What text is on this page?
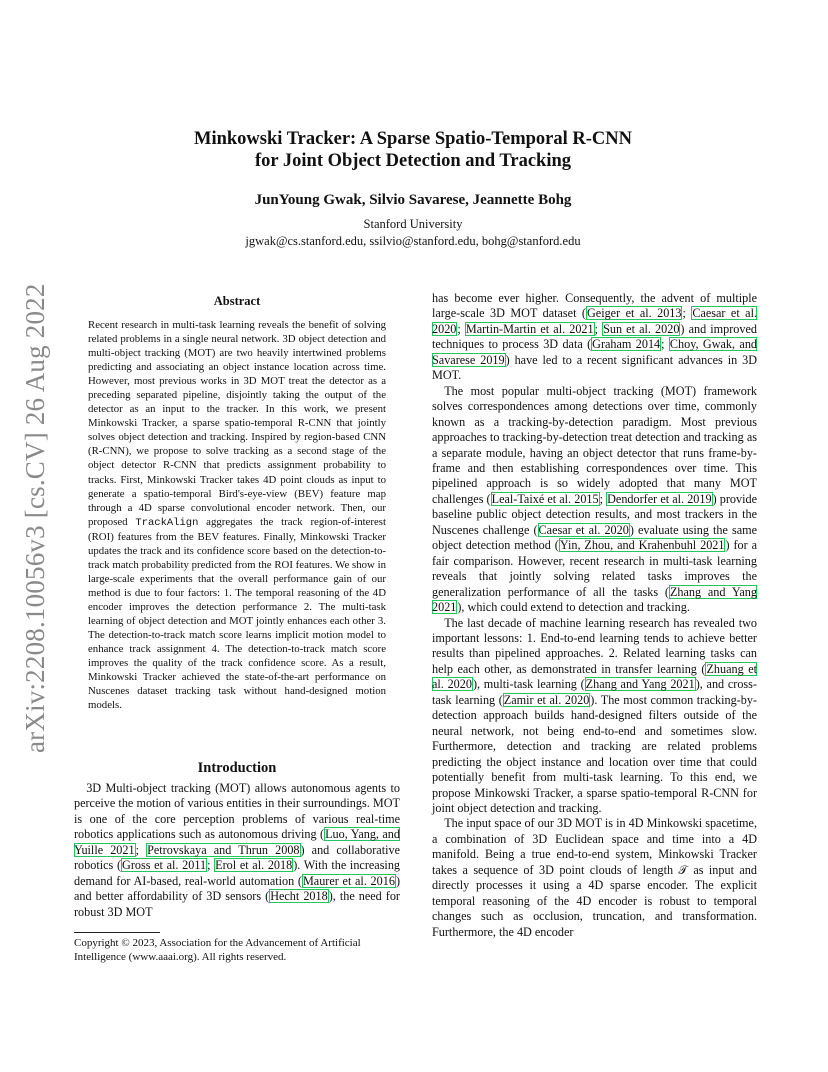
arXiv:2208.10056v3 [cs.CV] 26 Aug 2022
Minkowski Tracker: A Sparse Spatio-Temporal R-CNN
for Joint Object Detection and Tracking
JunYoung Gwak, Silvio Savarese, Jeannette Bohg
Stanford University
jgwak@cs.stanford.edu, ssilvio@stanford.edu, bohg@stanford.edu
Abstract

Recent research in multi-task learning reveals the benefit of solving related problems in a single neural network. 3D object detection and multi-object tracking (MOT) are two heavily intertwined problems predicting and associating an object instance location across time. However, most previous works in 3D MOT treat the detector as a preceding separated pipeline, disjointly taking the output of the detector as an input to the tracker. In this work, we present Minkowski Tracker, a sparse spatio-temporal R-CNN that jointly solves object detection and tracking. Inspired by region-based CNN (R-CNN), we propose to solve tracking as a second stage of the object detector R-CNN that predicts assignment probability to tracks. First, Minkowski Tracker takes 4D point clouds as input to generate a spatio-temporal Bird's-eye-view (BEV) feature map through a 4D sparse convolutional encoder network. Then, our proposed TrackAlign aggregates the track region-of-interest (ROI) features from the BEV features. Finally, Minkowski Tracker updates the track and its confidence score based on the detection-to-track match probability predicted from the ROI features. We show in large-scale experiments that the overall performance gain of our method is due to four factors: 1. The temporal reasoning of the 4D encoder improves the detection performance 2. The multi-task learning of object detection and MOT jointly enhances each other 3. The detection-to-track match score learns implicit motion model to enhance track assignment 4. The detection-to-track match score improves the quality of the track confidence score. As a result, Minkowski Tracker achieved the state-of-the-art performance on Nuscenes dataset tracking task without hand-designed motion models.

Introduction

3D Multi-object tracking (MOT) allows autonomous agents to perceive the motion of various entities in their surroundings. MOT is one of the core perception problems of various real-time robotics applications such as autonomous driving (Luo, Yang, and Yuille 2021; Petrovskaya and Thrun 2008) and collaborative robotics (Gross et al. 2011; Erol et al. 2018). With the increasing demand for AI-based, real-world automation (Maurer et al. 2016) and better affordability of 3D sensors (Hecht 2018), the need for robust 3D MOT

Copyright © 2023, Association for the Advancement of Artificial Intelligence (www.aaai.org). All rights reserved.

has become ever higher. Consequently, the advent of multiple large-scale 3D MOT dataset (Geiger et al. 2013; Caesar et al. 2020; Martin-Martin et al. 2021; Sun et al. 2020) and improved techniques to process 3D data (Graham 2014; Choy, Gwak, and Savarese 2019) have led to a recent significant advances in 3D MOT.

The most popular multi-object tracking (MOT) framework solves correspondences among detections over time, commonly known as a tracking-by-detection paradigm. Most previous approaches to tracking-by-detection treat detection and tracking as a separate module, having an object detector that runs frame-by-frame and then establishing correspondences over time. This pipelined approach is so widely adopted that many MOT challenges (Leal-Taixé et al. 2015; Dendorfer et al. 2019) provide baseline public object detection results, and most trackers in the Nuscenes challenge (Caesar et al. 2020) evaluate using the same object detection method (Yin, Zhou, and Krahenbuhl 2021) for a fair comparison. However, recent research in multi-task learning reveals that jointly solving related tasks improves the generalization performance of all the tasks (Zhang and Yang 2021), which could extend to detection and tracking.

The last decade of machine learning research has revealed two important lessons: 1. End-to-end learning tends to achieve better results than pipelined approaches. 2. Related learning tasks can help each other, as demonstrated in transfer learning (Zhuang et al. 2020), multi-task learning (Zhang and Yang 2021), and cross-task learning (Zamir et al. 2020). The most common tracking-by-detection approach builds hand-designed filters outside of the neural network, not being end-to-end and sometimes slow. Furthermore, detection and tracking are related problems predicting the object instance and location over time that could potentially benefit from multi-task learning. To this end, we propose Minkowski Tracker, a sparse spatio-temporal R-CNN for joint object detection and tracking.

The input space of our 3D MOT is in 4D Minkowski spacetime, a combination of 3D Euclidean space and time into a 4D manifold. Being a true end-to-end system, Minkowski Tracker takes a sequence of 3D point clouds of length 𝒯 as input and directly processes it using a 4D sparse encoder. The explicit temporal reasoning of the 4D encoder is robust to temporal changes such as occlusion, truncation, and transformation. Furthermore, the 4D encoder
